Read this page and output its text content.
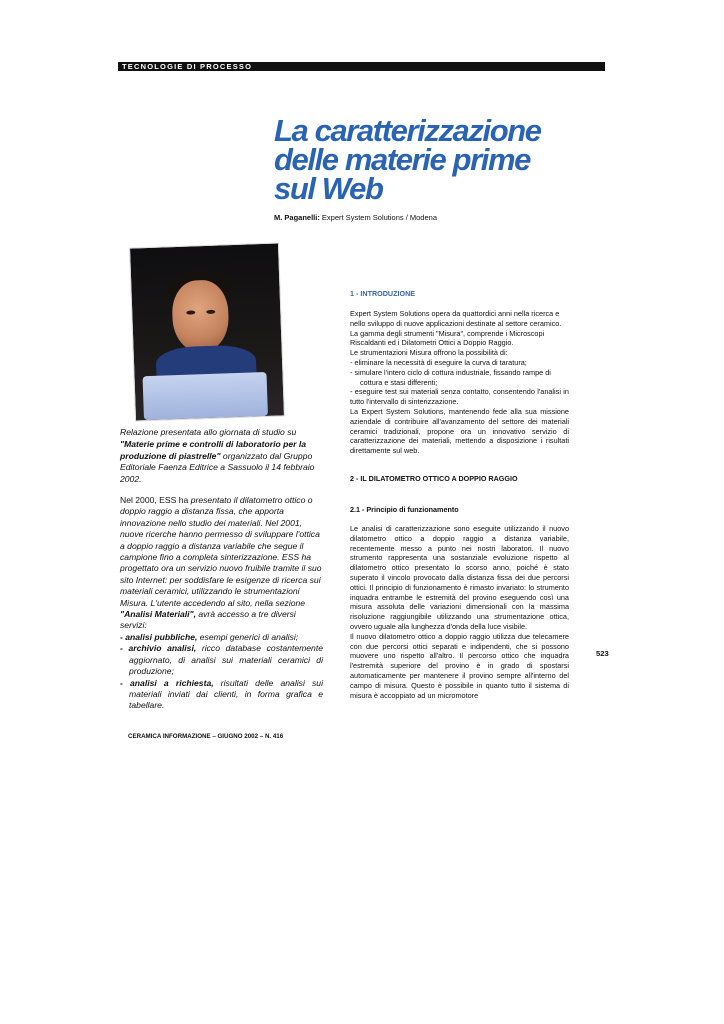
TECNOLOGIE DI PROCESSO
La caratterizzazione
delle materie prime
sul Web
M. Paganelli: Expert System Solutions / Modena
Relazione presentata allo giornata di studio su "Materie prime e controlli di laboratorio per la produzione di piastrelle" organizzato dal Gruppo Editoriale Faenza Editrice a Sassuolo il 14 febbraio 2002.

Nel 2000, ESS ha presentato il dilatometro ottico o doppio raggio a distanza fissa, che apporta innovazione nello studio dei materiali. Nel 2001, nuove ricerche hanno permesso di sviluppare l'ottica a doppio raggio a distanza variabile che segue il campione fino a completa sinterizzazione. ESS ha progettato ora un servizio nuovo fruibile tramite il suo sito Internet: per soddisfare le esigenze di ricerca sui materiali ceramici, utilizzando le strumentazioni Misura. L'utente accedendo al sito, nella sezione "Analisi Materiali", avrà accesso a tre diversi servizi:

- analisi pubbliche, esempi generici di analisi;

- archivio analisi, ricco database costantemente aggiornato, di analisi sui materiali ceramici di produzione;

- analisi a richiesta, risultati delle analisi sui materiali inviati dai clienti, in forma grafica e tabellare.

CERAMICA INFORMAZIONE – GIUGNO 2002 – N. 416
523
1 - INTRODUZIONE

Expert System Solutions opera da quattordici anni nella ricerca e nello sviluppo di nuove applicazioni destinate al settore ceramico. La gamma degli strumenti "Misura", comprende i Microscopi Riscaldanti ed i Dilatometri Ottici a Doppio Raggio.

Le strumentazioni Misura offrono la possibilità di:

- eliminare la necessità di eseguire la curva di taratura;

- simulare l'intero ciclo di cottura industriale, fissando rampe di

cottura e stasi differenti;

- eseguire test sui materiali senza contatto, consentendo l'analisi in tutto l'intervallo di sinterizzazione.

La Expert System Solutions, mantenendo fede alla sua missione aziendale di contribuire all'avanzamento del settore dei materiali ceramici tradizionali, propone ora un innovativo servizio di caratterizzazione dei materiali, mettendo a disposizione i risultati direttamente sul web.

2 - IL DILATOMETRO OTTICO A DOPPIO RAGGIO
2.1 - Principio di funzionamento

Le analisi di caratterizzazione sono eseguite utilizzando il nuovo dilatometro ottico a doppio raggio a distanza variabile, recentemente messo a punto nei nostri laboratori. Il nuovo strumento rappresenta una sostanziale evoluzione rispetto al dilatometro ottico presentato lo scorso anno, poiché è stato superato il vincolo provocato dalla distanza fissa dei due percorsi ottici. Il principio di funzionamento è rimasto invariato: lo strumento inquadra entrambe le estremità del provino eseguendo così una misura assoluta delle variazioni dimensionali con la massima risoluzione raggiungibile utilizzando una strumentazione ottica, ovvero uguale alla lunghezza d'onda della luce visibile.

Il nuovo dilatometro ottico a doppio raggio utilizza due telecamere con due percorsi ottici separati e indipendenti, che si possono muovere uno rispetto all'altro. Il percorso ottico che inquadra l'estremità superiore del provino è in grado di spostarsi automaticamente per mantenere il provino sempre all'interno del campo di misura. Questo è possibile in quanto tutto il sistema di misura è accoppiato ad un micromotore
